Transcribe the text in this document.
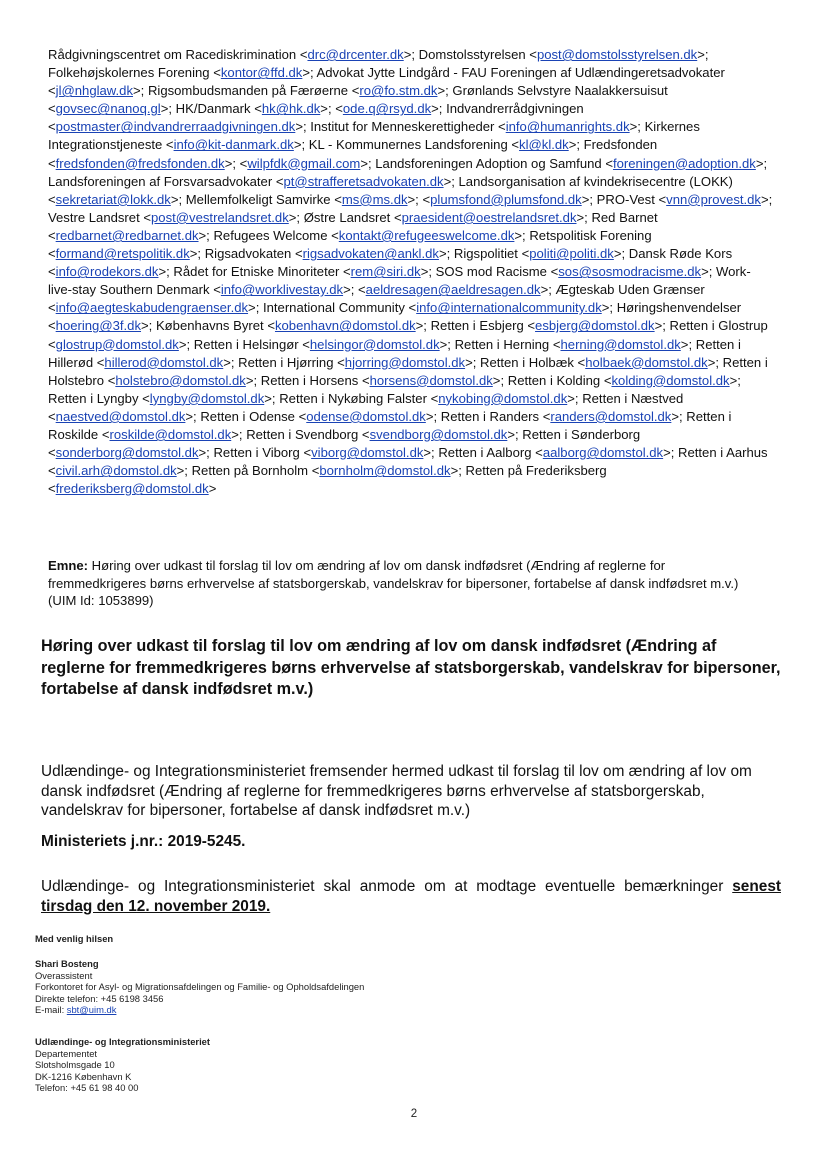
Rådgivningscentret om Racediskrimination <drc@drcenter.dk>; Domstolsstyrelsen <post@domstolsstyrelsen.dk>; Folkehøjskolernes Forening <kontor@ffd.dk>; Advokat Jytte Lindgård - FAU Foreningen af Udlændingeretsadvokater <jl@nhglaw.dk>; Rigsombudsmanden på Færøerne <ro@fo.stm.dk>; Grønlands Selvstyre Naalakkersuisut <govsec@nanoq.gl>; HK/Danmark <hk@hk.dk>; <ode.q@rsyd.dk>; Indvandrerrådgivningen <postmaster@indvandrerraadgivningen.dk>; Institut for Menneskerettigheder <info@humanrights.dk>; Kirkernes Integrationstjeneste <info@kit-danmark.dk>; KL - Kommunernes Landsforening <kl@kl.dk>; Fredsfonden <fredsfonden@fredsfonden.dk>; <wilpfdk@gmail.com>; Landsforeningen Adoption og Samfund <foreningen@adoption.dk>; Landsforeningen af Forsvarsadvokater <pt@strafferetsadvokaten.dk>; Landsorganisation af kvindekrisecentre (LOKK) <sekretariat@lokk.dk>; Mellemfolkeligt Samvirke <ms@ms.dk>; <plumsfond@plumsfond.dk>; PRO-Vest <vnn@provest.dk>; Vestre Landsret <post@vestrelandsret.dk>; Østre Landsret <praesident@oestrelandsret.dk>; Red Barnet <redbarnet@redbarnet.dk>; Refugees Welcome <kontakt@refugeeswelcome.dk>; Retspolitisk Forening <formand@retspolitik.dk>; Rigsadvokaten <rigsadvokaten@ankl.dk>; Rigspolitiet <politi@politi.dk>; Dansk Røde Kors <info@rodekors.dk>; Rådet for Etniske Minoriteter <rem@siri.dk>; SOS mod Racisme <sos@sosmodracisme.dk>; Work-live-stay Southern Denmark <info@worklivestay.dk>; <aeldresagen@aeldresagen.dk>; Ægteskab Uden Grænser <info@aegteskabudengraenser.dk>; International Community <info@internationalcommunity.dk>; Høringshenvendelser <hoering@3f.dk>; Københavns Byret <kobenhavn@domstol.dk>; Retten i Esbjerg <esbjerg@domstol.dk>; Retten i Glostrup <glostrup@domstol.dk>; Retten i Helsingør <helsingor@domstol.dk>; Retten i Herning <herning@domstol.dk>; Retten i Hillerød <hillerod@domstol.dk>; Retten i Hjørring <hjorring@domstol.dk>; Retten i Holbæk <holbaek@domstol.dk>; Retten i Holstebro <holstebro@domstol.dk>; Retten i Horsens <horsens@domstol.dk>; Retten i Kolding <kolding@domstol.dk>; Retten i Lyngby <lyngby@domstol.dk>; Retten i Nykøbing Falster <nykobing@domstol.dk>; Retten i Næstved <naestved@domstol.dk>; Retten i Odense <odense@domstol.dk>; Retten i Randers <randers@domstol.dk>; Retten i Roskilde <roskilde@domstol.dk>; Retten i Svendborg <svendborg@domstol.dk>; Retten i Sønderborg <sonderborg@domstol.dk>; Retten i Viborg <viborg@domstol.dk>; Retten i Aalborg <aalborg@domstol.dk>; Retten i Aarhus <civil.arh@domstol.dk>; Retten på Bornholm <bornholm@domstol.dk>; Retten på Frederiksberg <frederiksberg@domstol.dk>
Emne: Høring over udkast til forslag til lov om ændring af lov om dansk indfødsret (Ændring af reglerne for fremmedkrigeres børns erhvervelse af statsborgerskab, vandelskrav for bipersoner, fortabelse af dansk indfødsret m.v.) (UIM Id: 1053899)
Høring over udkast til forslag til lov om ændring af lov om dansk indfødsret (Ændring af reglerne for fremmedkrigeres børns erhvervelse af statsborgerskab, vandelskrav for bipersoner, fortabelse af dansk indfødsret m.v.)
Udlændinge- og Integrationsministeriet fremsender hermed udkast til forslag til lov om ændring af lov om dansk indfødsret (Ændring af reglerne for fremmedkrigeres børns erhvervelse af statsborgerskab, vandelskrav for bipersoner, fortabelse af dansk indfødsret m.v.)
Ministeriets j.nr.: 2019-5245.
Udlændinge- og Integrationsministeriet skal anmode om at modtage eventuelle bemærkninger senest tirsdag den 12. november 2019.
Med venlig hilsen
Shari Bosteng
Overassistent
Forkontoret for Asyl- og Migrationsafdelingen og Familie- og Opholdsafdelingen
Direkte telefon: +45 6198 3456
E-mail: sbt@uim.dk
Udlændinge- og Integrationsministeriet
Departementet
Slotsholmsgade 10
DK-1216 København K
Telefon: +45 61 98 40 00
2
